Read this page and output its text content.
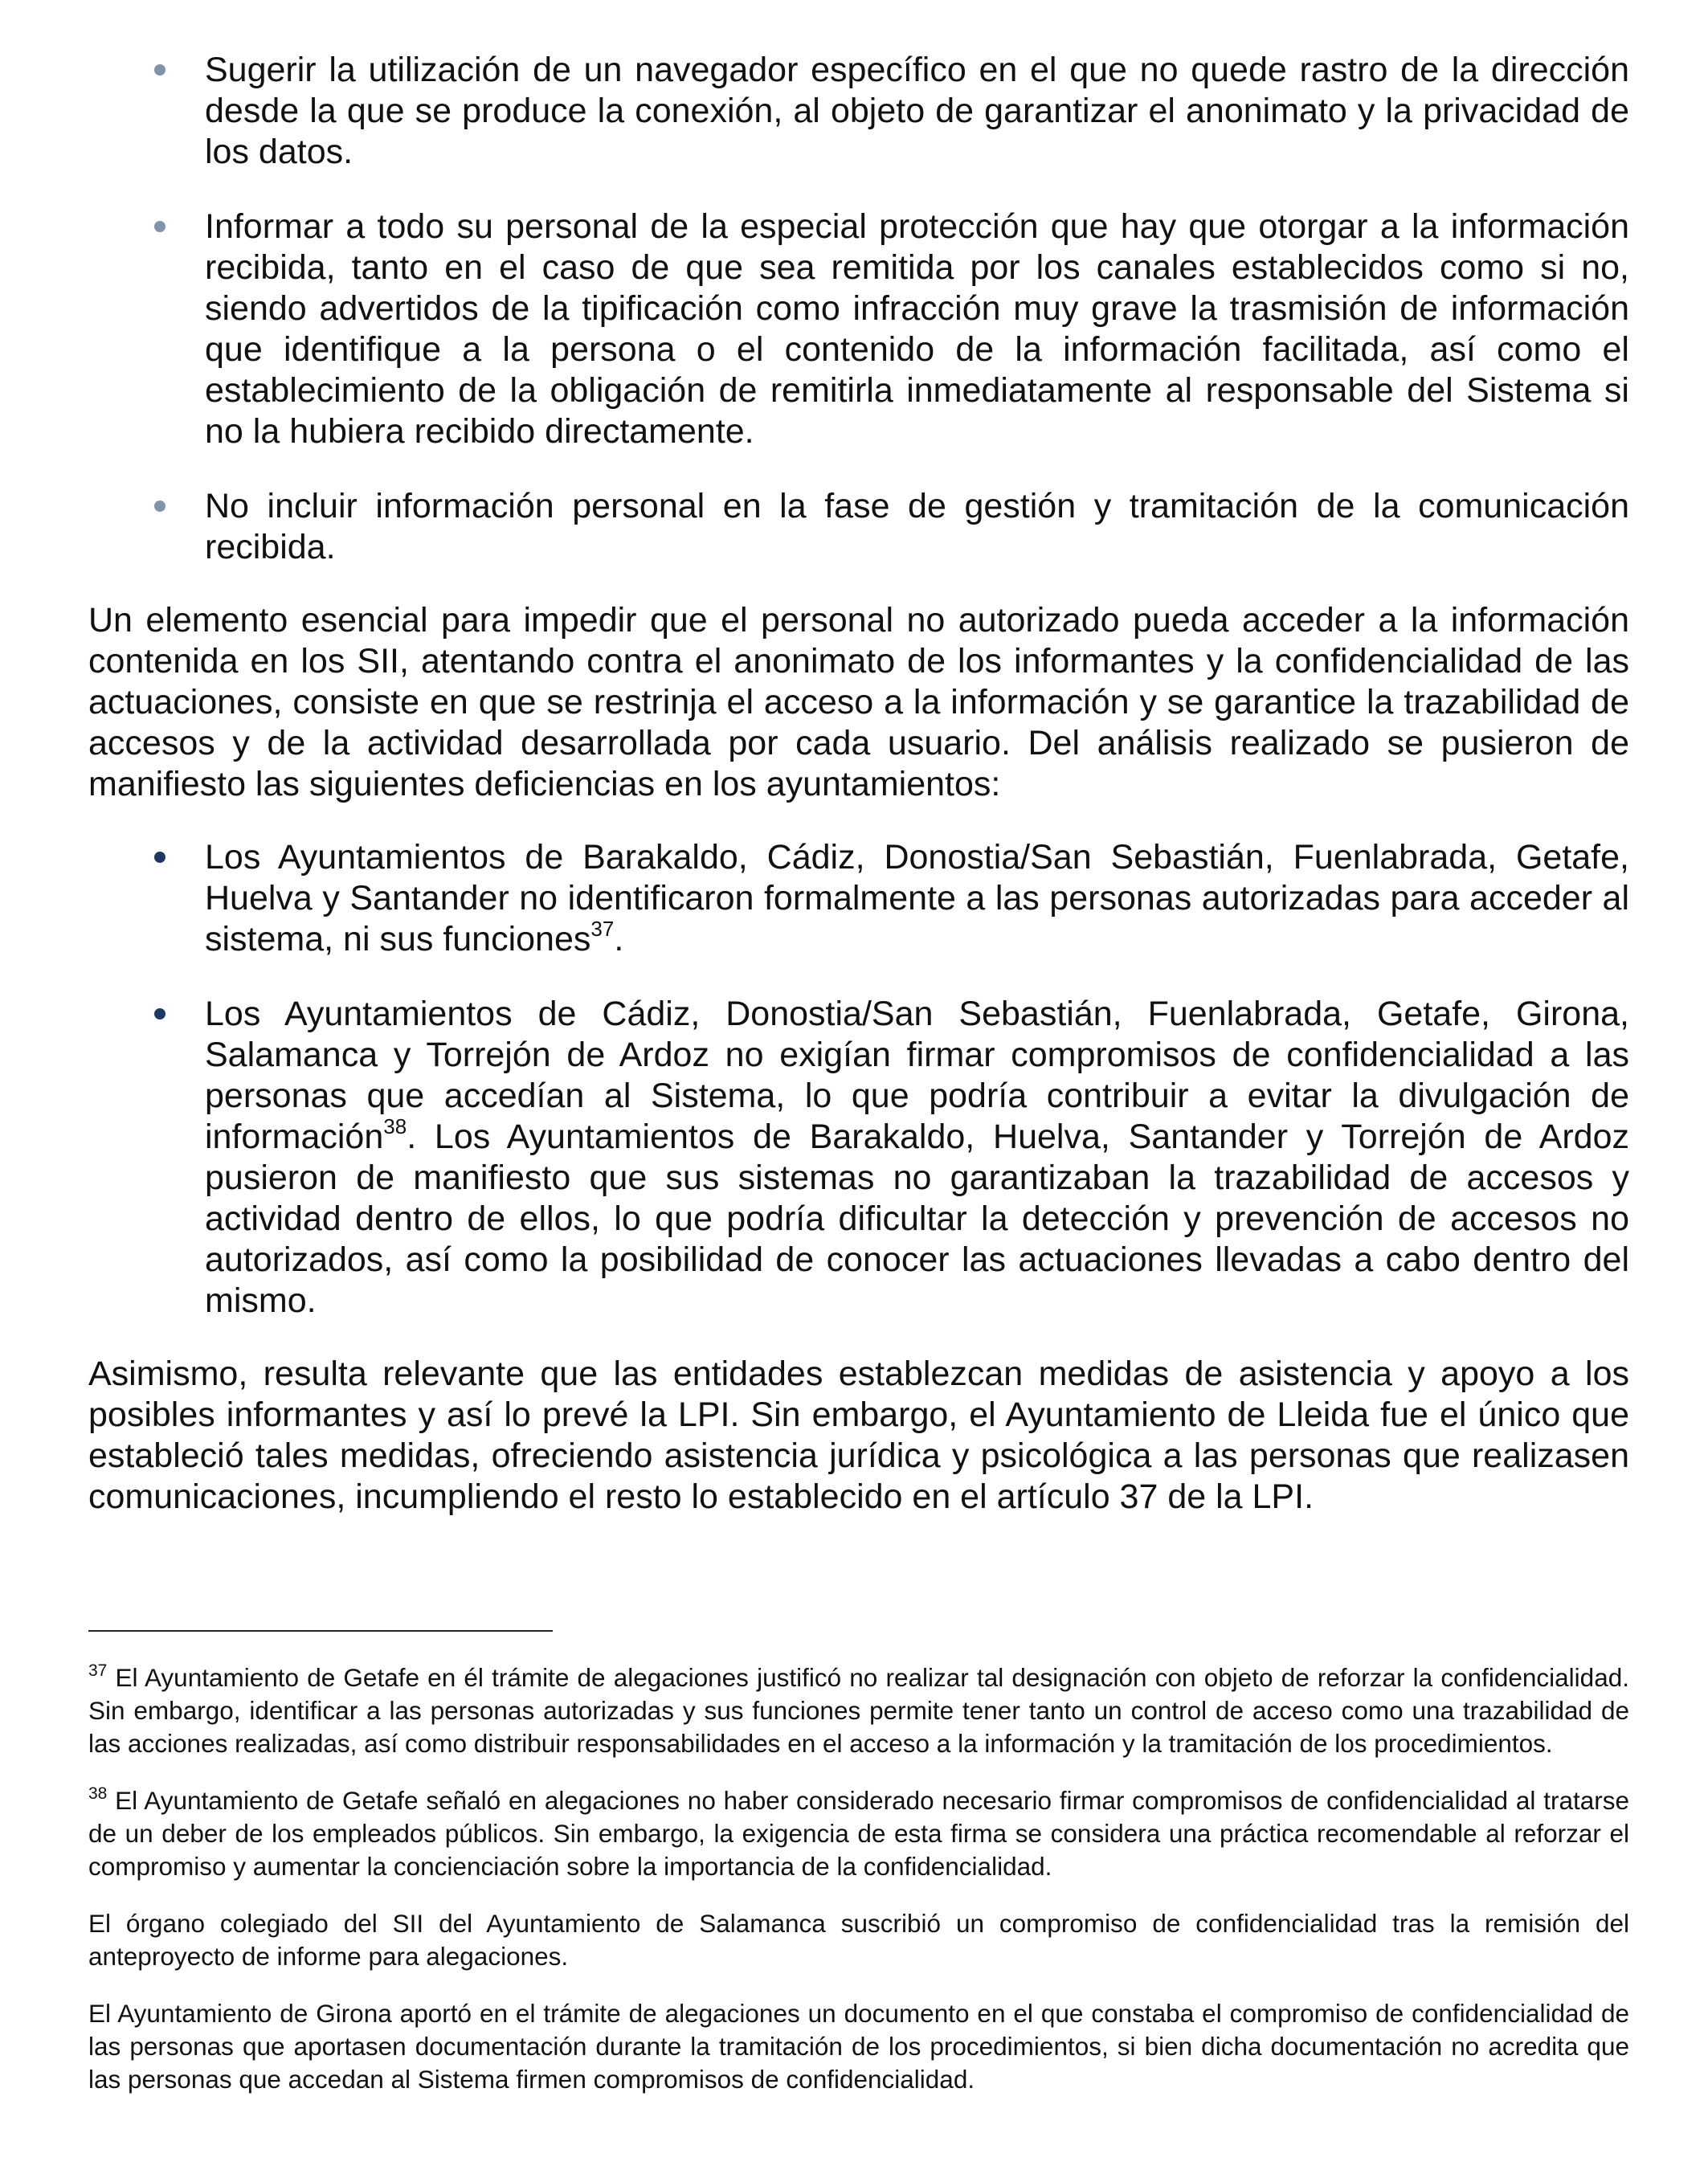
Sugerir la utilización de un navegador específico en el que no quede rastro de la dirección desde la que se produce la conexión, al objeto de garantizar el anonimato y la privacidad de los datos.
Informar a todo su personal de la especial protección que hay que otorgar a la información recibida, tanto en el caso de que sea remitida por los canales establecidos como si no, siendo advertidos de la tipificación como infracción muy grave la trasmisión de información que identifique a la persona o el contenido de la información facilitada, así como el establecimiento de la obligación de remitirla inmediatamente al responsable del Sistema si no la hubiera recibido directamente.
No incluir información personal en la fase de gestión y tramitación de la comunicación recibida.

Un elemento esencial para impedir que el personal no autorizado pueda acceder a la información contenida en los SII, atentando contra el anonimato de los informantes y la confidencialidad de las actuaciones, consiste en que se restrinja el acceso a la información y se garantice la trazabilidad de accesos y de la actividad desarrollada por cada usuario. Del análisis realizado se pusieron de manifiesto las siguientes deficiencias en los ayuntamientos:

Los Ayuntamientos de Barakaldo, Cádiz, Donostia/San Sebastián, Fuenlabrada, Getafe, Huelva y Santander no identificaron formalmente a las personas autorizadas para acceder al sistema, ni sus funciones$^{37}$.
Los Ayuntamientos de Cádiz, Donostia/San Sebastián, Fuenlabrada, Getafe, Girona, Salamanca y Torrejón de Ardoz no exigían firmar compromisos de confidencialidad a las personas que accedían al Sistema, lo que podría contribuir a evitar la divulgación de información$^{38}$. Los Ayuntamientos de Barakaldo, Huelva, Santander y Torrejón de Ardoz pusieron de manifiesto que sus sistemas no garantizaban la trazabilidad de accesos y actividad dentro de ellos, lo que podría dificultar la detección y prevención de accesos no autorizados, así como la posibilidad de conocer las actuaciones llevadas a cabo dentro del mismo.

Asimismo, resulta relevante que las entidades establezcan medidas de asistencia y apoyo a los posibles informantes y así lo prevé la LPI. Sin embargo, el Ayuntamiento de Lleida fue el único que estableció tales medidas, ofreciendo asistencia jurídica y psicológica a las personas que realizasen comunicaciones, incumpliendo el resto lo establecido en el artículo 37 de la LPI.

$^{37}$ El Ayuntamiento de Getafe en él trámite de alegaciones justificó no realizar tal designación con objeto de reforzar la confidencialidad. Sin embargo, identificar a las personas autorizadas y sus funciones permite tener tanto un control de acceso como una trazabilidad de las acciones realizadas, así como distribuir responsabilidades en el acceso a la información y la tramitación de los procedimientos.

$^{38}$ El Ayuntamiento de Getafe señaló en alegaciones no haber considerado necesario firmar compromisos de confidencialidad al tratarse de un deber de los empleados públicos. Sin embargo, la exigencia de esta firma se considera una práctica recomendable al reforzar el compromiso y aumentar la concienciación sobre la importancia de la confidencialidad.

El órgano colegiado del SII del Ayuntamiento de Salamanca suscribió un compromiso de confidencialidad tras la remisión del anteproyecto de informe para alegaciones.

El Ayuntamiento de Girona aportó en el trámite de alegaciones un documento en el que constaba el compromiso de confidencialidad de las personas que aportasen documentación durante la tramitación de los procedimientos, si bien dicha documentación no acredita que las personas que accedan al Sistema firmen compromisos de confidencialidad.
